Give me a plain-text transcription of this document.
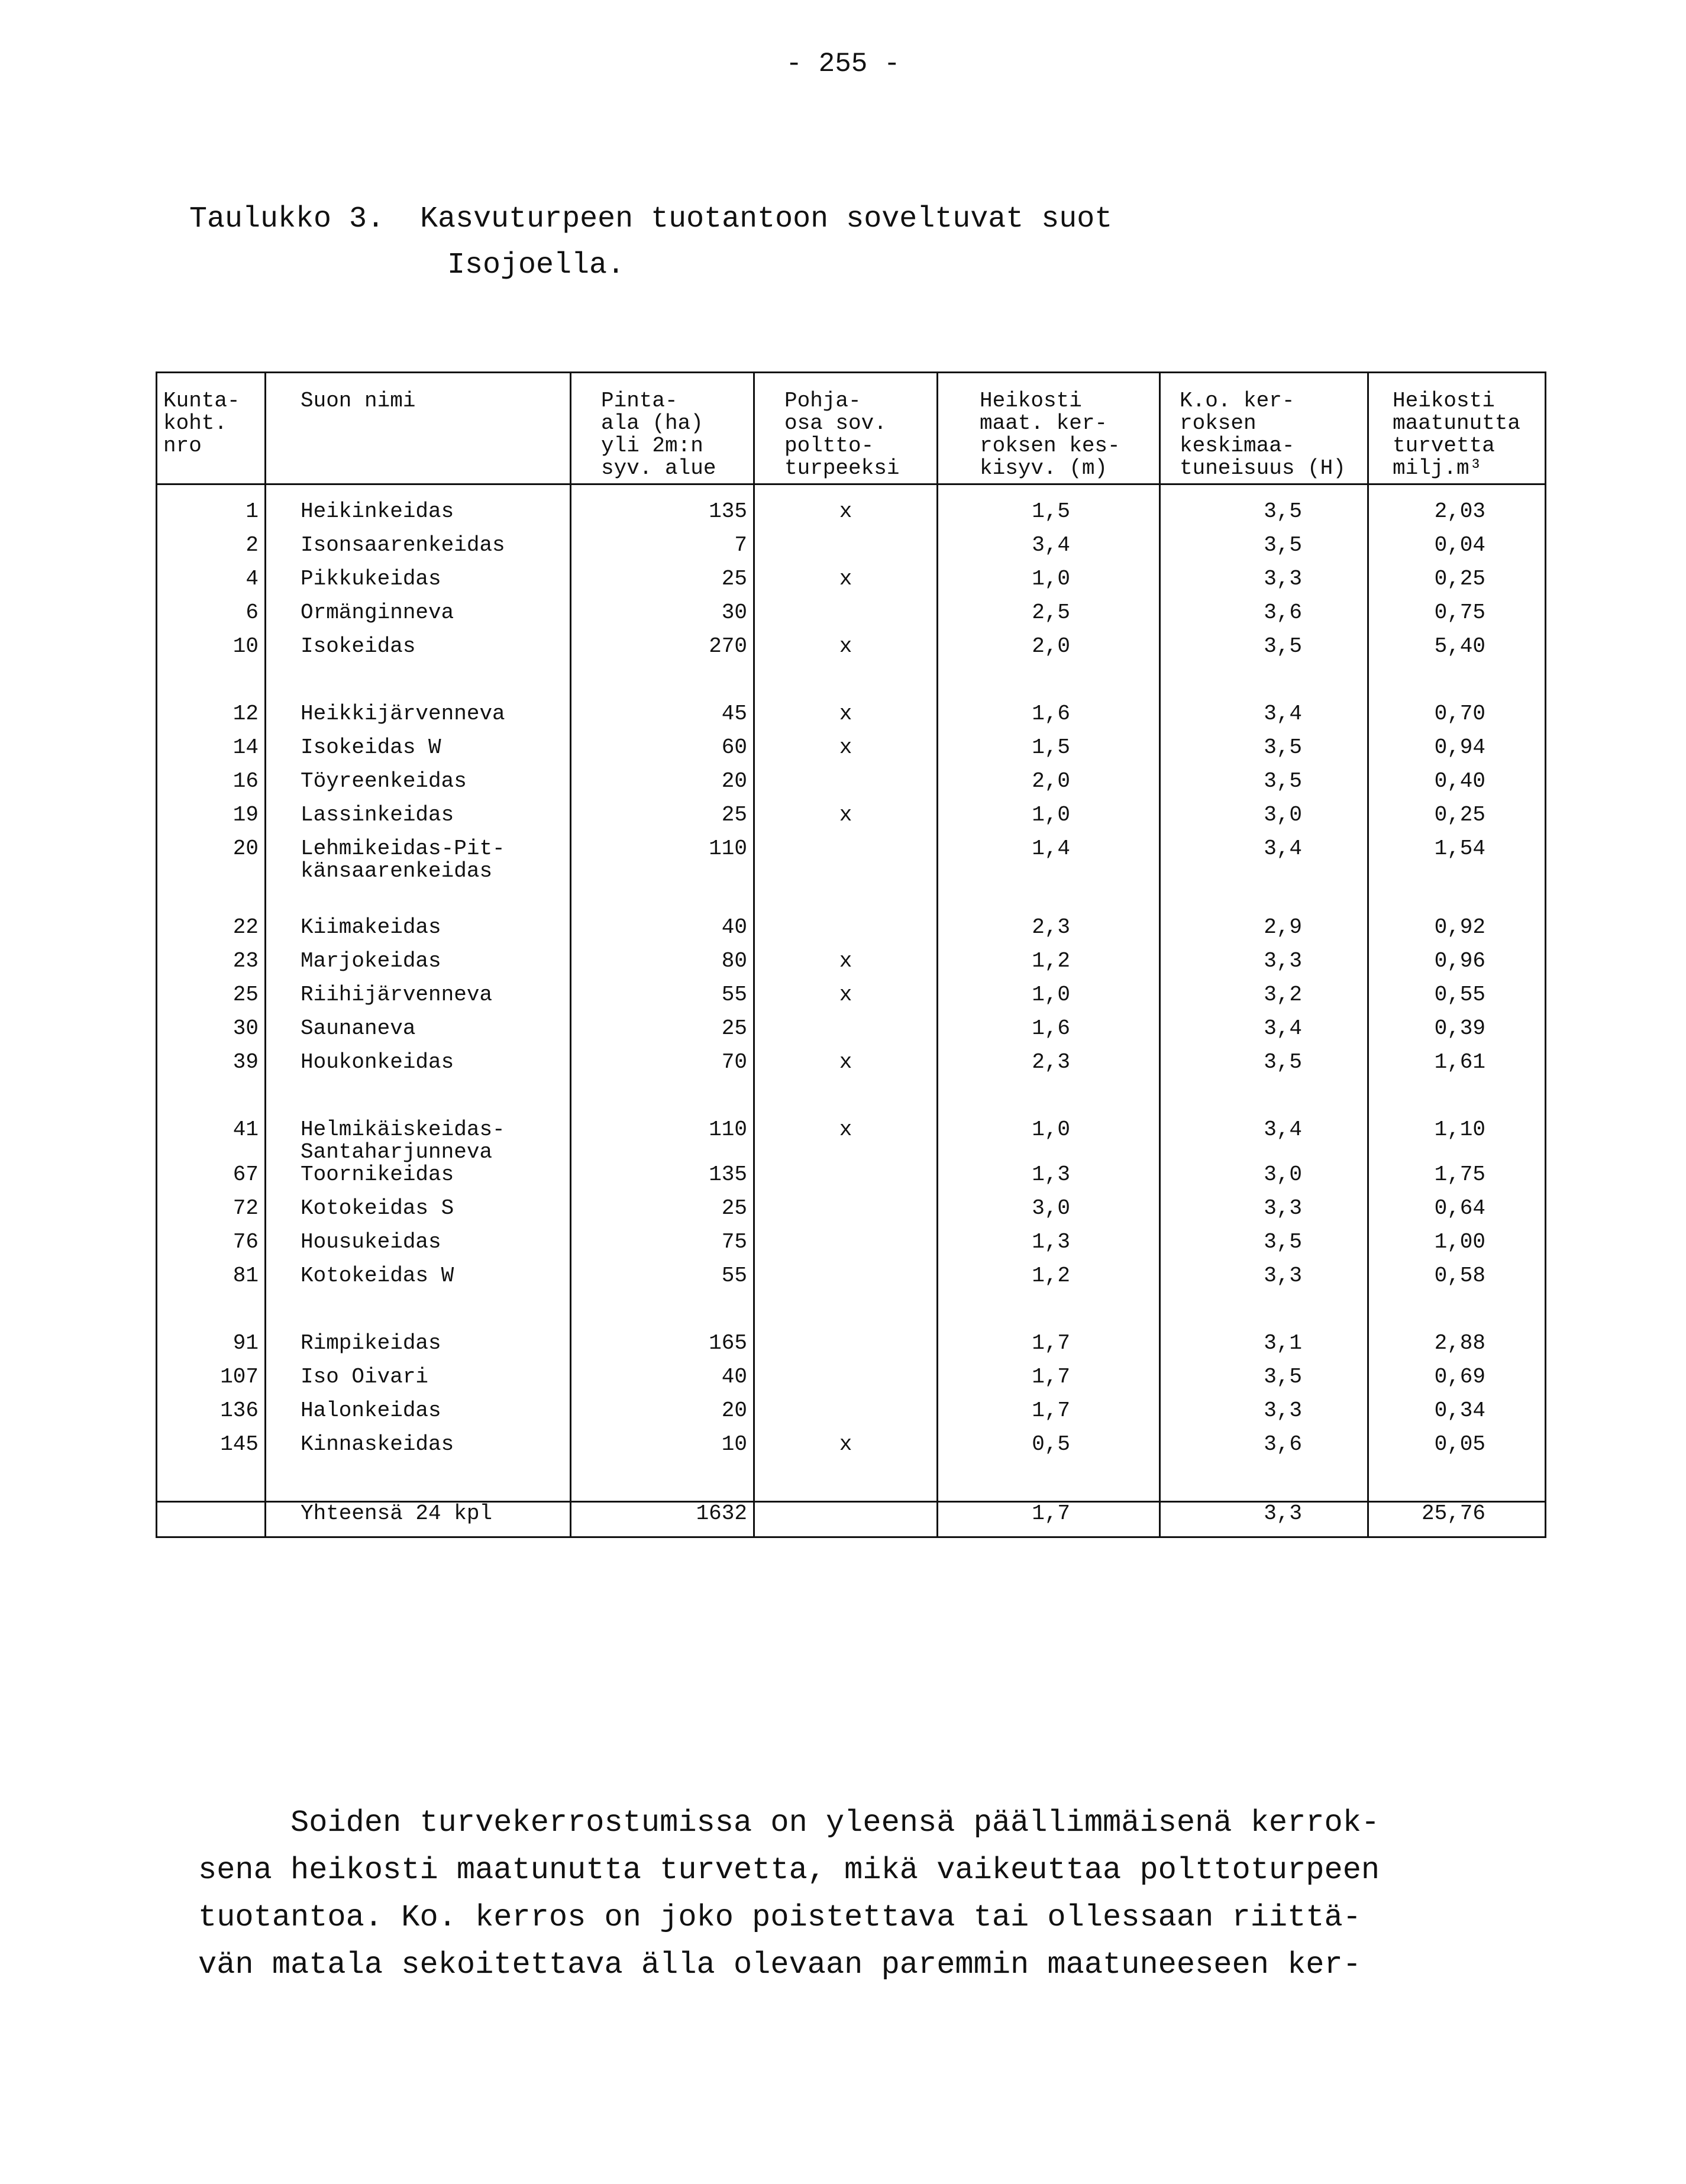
- 255 -
Taulukko 3. Kasvuturpeen tuotantoon soveltuvat suot
Isojoella.
Kunta-
koht.
nro	Suon nimi	Pinta-
ala (ha)
yli 2m:n
syv. alue	Pohja-
osa sov.
poltto-
turpeeksi	Heikosti
maat. ker-
roksen kes-
kisyv. (m)	K.o. ker-
roksen
keskimaa-
tuneisuus (H)	Heikosti
maatunutta
turvetta
milj.m³
1	Heikinkeidas	135	x	1,5	3,5	2,03
2	Isonsaarenkeidas	7		3,4	3,5	0,04
4	Pikkukeidas	25	x	1,0	3,3	0,25
6	Ormänginneva	30		2,5	3,6	0,75
10	Isokeidas	270	x	2,0	3,5	5,40
12	Heikkijärvenneva	45	x	1,6	3,4	0,70
14	Isokeidas W	60	x	1,5	3,5	0,94
16	Töyreenkeidas	20		2,0	3,5	0,40
19	Lassinkeidas	25	x	1,0	3,0	0,25
20	Lehmikeidas-Pit-
känsaarenkeidas	110		1,4	3,4	1,54
22	Kiimakeidas	40		2,3	2,9	0,92
23	Marjokeidas	80	x	1,2	3,3	0,96
25	Riihijärvenneva	55	x	1,0	3,2	0,55
30	Saunaneva	25		1,6	3,4	0,39
39	Houkonkeidas	70	x	2,3	3,5	1,61
41	Helmikäiskeidas-
Santaharjunneva	110	x	1,0	3,4	1,10
67	Toornikeidas	135		1,3	3,0	1,75
72	Kotokeidas S	25		3,0	3,3	0,64
76	Housukeidas	75		1,3	3,5	1,00
81	Kotokeidas W	55		1,2	3,3	0,58
91	Rimpikeidas	165		1,7	3,1	2,88
107	Iso Oivari	40		1,7	3,5	0,69
136	Halonkeidas	20		1,7	3,3	0,34
145	Kinnaskeidas	10	x	0,5	3,6	0,05

	Yhteensä 24 kpl	1632		1,7	3,3	25,76
Soiden turvekerrostumissa on yleensä päällimmäisenä kerrok-
sena heikosti maatunutta turvetta, mikä vaikeuttaa polttoturpeen
tuotantoa. Ko. kerros on joko poistettava tai ollessaan riittä-
vän matala sekoitettava älla olevaan paremmin maatuneeseen ker-
